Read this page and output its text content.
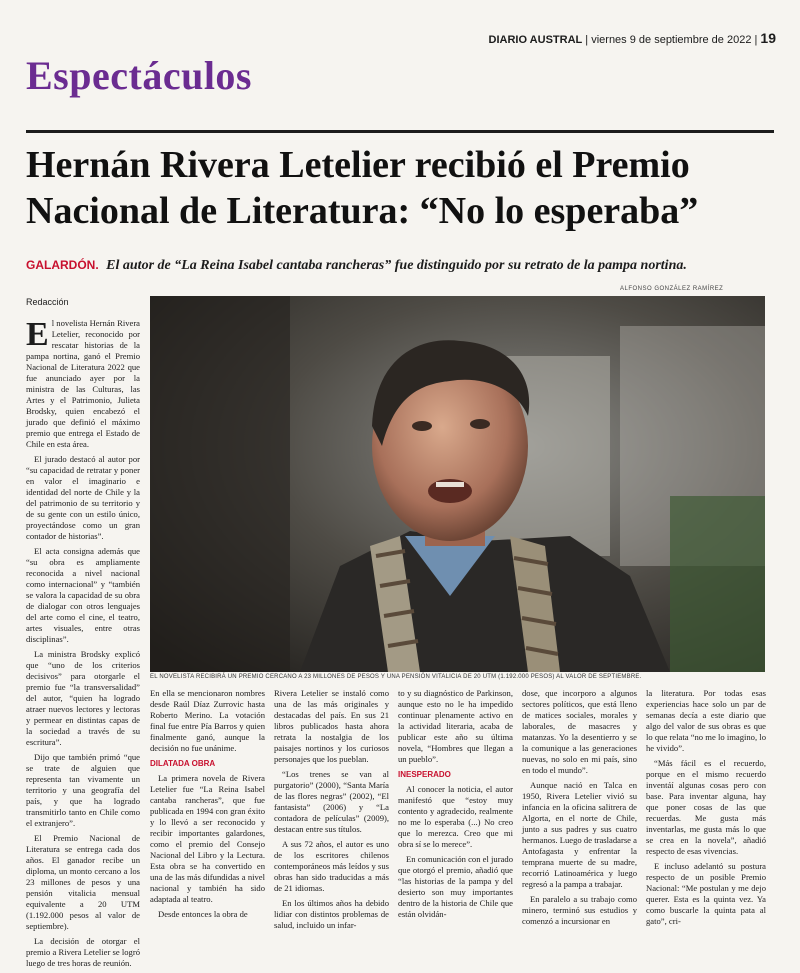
DIARIO AUSTRAL | viernes 9 de septiembre de 2022 | 19
Espectáculos
Hernán Rivera Letelier recibió el Premio Nacional de Literatura: “No lo esperaba”
GALARDÓN. El autor de “La Reina Isabel cantaba rancheras” fue distinguido por su retrato de la pampa nortina.
ALFONSO GONZÁLEZ RAMÍREZ
Redacción

El novelista Hernán Rivera Letelier, reconocido por rescatar historias de la pampa nortina, ganó el Premio Nacional de Literatura 2022 que fue anunciado ayer por la ministra de las Culturas, las Artes y el Patrimonio, Julieta Brodsky, quien encabezó el jurado que definió el máximo premio que entrega el Estado de Chile en esta área.

El jurado destacó al autor por “su capacidad de retratar y poner en valor el imaginario e identidad del norte de Chile y la del patrimonio de su territorio y de su gente con un estilo único, proyectándose como un gran contador de historias”.

El acta consigna además que “su obra es ampliamente reconocida a nivel nacional como internacional” y “también se valora la capacidad de su obra de dialogar con otros lenguajes del arte como el cine, el teatro, artes visuales, entre otras disciplinas”.

La ministra Brodsky explicó que “uno de los criterios decisivos” para otorgarle el premio fue “la transversalidad” del autor, “quien ha logrado atraer nuevos lectores y lectoras y permear en distintas capas de la sociedad a través de su escritura”.

Dijo que también primó “que se trate de alguien que representa tan vivamente un territorio y una geografía del país, y que ha logrado transmitirlo tanto en Chile como el extranjero”.

El Premio Nacional de Literatura se entrega cada dos años. El ganador recibe un diploma, un monto cercano a los 23 millones de pesos y una pensión vitalicia mensual equivalente a 20 UTM (1.192.000 pesos al valor de septiembre).

La decisión de otorgar el premio a Rivera Letelier se logró luego de tres horas de reunión.

EL NOVELISTA RECIBIRÁ UN PREMIO CERCANO A 23 MILLONES DE PESOS Y UNA PENSIÓN VITALICIA DE 20 UTM (1.192.000 PESOS) AL VALOR DE SEPTIEMBRE.

En ella se mencionaron nombres desde Raúl Díaz Zurrovic hasta Roberto Merino. La votación final fue entre Pía Barros y quien finalmente ganó, aunque la decisión no fue unánime.

DILATADA OBRA

La primera novela de Rivera Letelier fue “La Reina Isabel cantaba rancheras”, que fue publicada en 1994 con gran éxito y lo llevó a ser reconocido y recibir importantes galardones, como el premio del Consejo Nacional del Libro y la Lectura. Esta obra se ha convertido en una de las más difundidas a nivel nacional y también ha sido adaptada al teatro.

Desde entonces la obra de

Rivera Letelier se instaló como una de las más originales y destacadas del país. En sus 21 libros publicados hasta ahora retrata la nostalgia de los paisajes nortinos y los curiosos personajes que los pueblan.

“Los trenes se van al purgatorio” (2000), “Santa María de las flores negras” (2002), “El fantasista” (2006) y “La contadora de películas” (2009), destacan entre sus títulos.

A sus 72 años, el autor es uno de los escritores chilenos contemporáneos más leídos y sus obras han sido traducidas a más de 21 idiomas.

En los últimos años ha debido lidiar con distintos problemas de salud, incluido un infar-

to y su diagnóstico de Parkinson, aunque esto no le ha impedido continuar plenamente activo en la actividad literaria, acaba de publicar este año su última novela, “Hombres que llegan a un pueblo”.

INESPERADO

Al conocer la noticia, el autor manifestó que “estoy muy contento y agradecido, realmente no me lo esperaba (...) No creo que lo merezca. Creo que mi obra sí se lo merece”.

En comunicación con el jurado que otorgó el premio, añadió que “las historias de la pampa y del desierto son muy importantes dentro de la historia de Chile que están olvidán-

dose, que incorporo a algunos sectores políticos, que está lleno de matices sociales, morales y laborales, de masacres y matanzas. Yo la desentierro y se la comunique a las generaciones nuevas, no solo en mi país, sino en todo el mundo”.

Aunque nació en Talca en 1950, Rivera Letelier vivió su infancia en la oficina salitrera de Algorta, en el norte de Chile, junto a sus padres y sus cuatro hermanos. Luego de trasladarse a Antofagasta y enfrentar la temprana muerte de su madre, recorrió Latinoamérica y luego regresó a la pampa a trabajar.

En paralelo a su trabajo como minero, terminó sus estudios y comenzó a incursionar en

la literatura. Por todas esas experiencias hace solo un par de semanas decía a este diario que algo del valor de sus obras es que lo que relata “no me lo imagino, lo he vivido”.

“Más fácil es el recuerdo, porque en el mismo recuerdo inventáí algunas cosas pero con base. Para inventar alguna, hay que poner cosas de las que recuerdas. Me gusta más inventarlas, me gusta más lo que se crea en la novela”, añadió respecto de esas vivencias.

E incluso adelantó su postura respecto de un posible Premio Nacional: “Me postulan y me dejo querer. Esta es la quinta vez. Ya como buscarle la quinta pata al gato”, cri-
